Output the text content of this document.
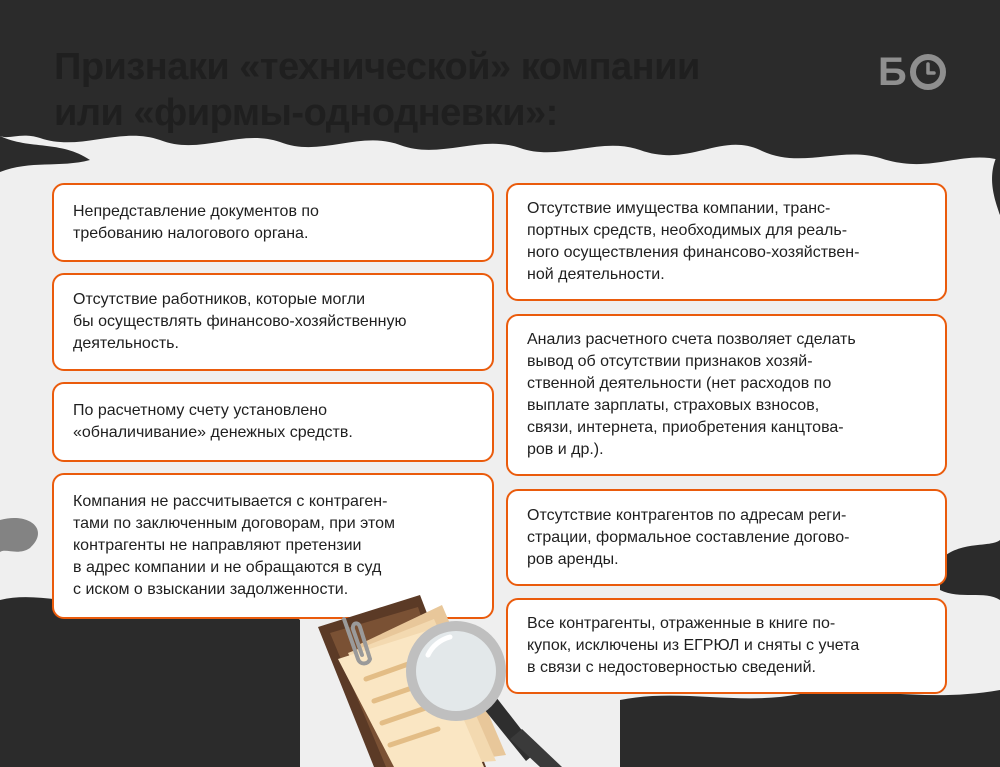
Признаки «технической» компании
или «фирмы-однодневки»:
Б
Непредставление документов по
требованию налогового органа.
Отсутствие работников, которые могли
бы осуществлять финансово-хозяйственную
деятельность.
По расчетному счету установлено
«обналичивание» денежных средств.
Компания не рассчитывается с контраген-
тами по заключенным договорам, при этом
контрагенты не направляют претензии
в адрес компании и не обращаются в суд
с иском о взыскании задолженности.
Отсутствие имущества компании, транс-
портных средств, необходимых для реаль-
ного осуществления финансово-хозяйствен-
ной деятельности.
Анализ расчетного счета позволяет сделать
вывод об отсутствии признаков хозяй-
ственной деятельности (нет расходов по
выплате зарплаты, страховых взносов,
связи, интернета, приобретения канцтова-
ров и др.).
Отсутствие контрагентов по адресам реги-
страции, формальное составление догово-
ров аренды.
Все контрагенты, отраженные в книге по-
купок, исключены из ЕГРЮЛ и сняты с учета
в связи с недостоверностью сведений.
